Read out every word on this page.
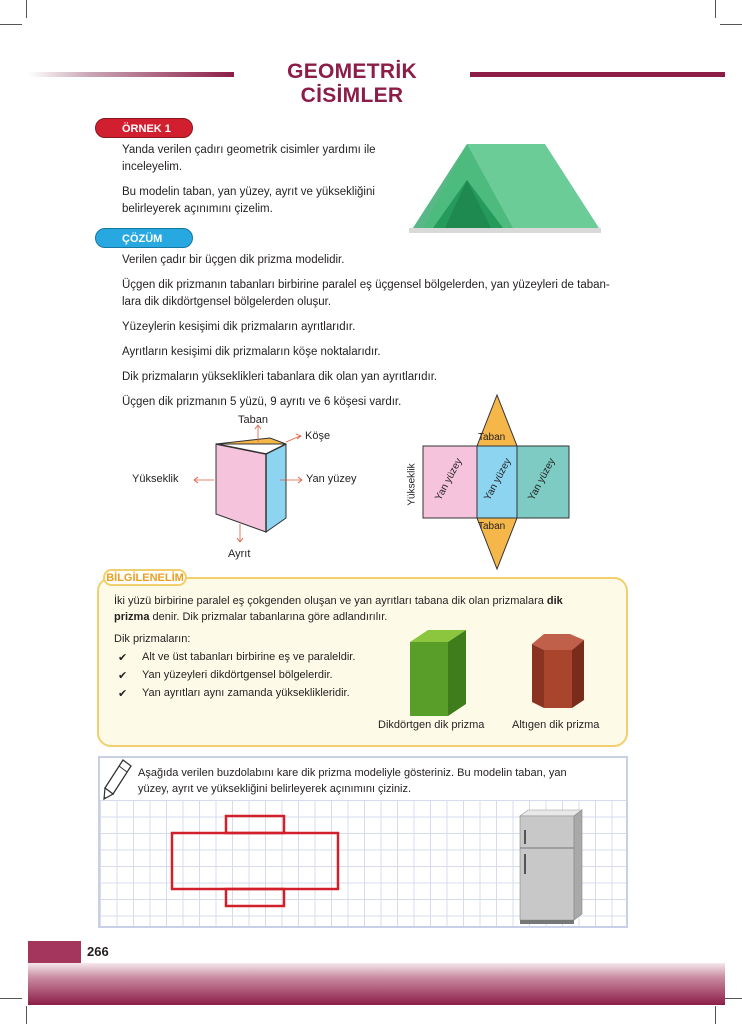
GEOMETRİK CİSİMLER
ÖRNEK 1
Yanda verilen çadırı geometrik cisimler yardımı ile
inceleyelim.
Bu modelin taban, yan yüzey, ayrıt ve yüksekliğini
belirleyerek açınımını çizelim.
ÇÖZÜM
Verilen çadır bir üçgen dik prizma modelidir.
Üçgen dik prizmanın tabanları birbirine paralel eş üçgensel bölgelerden, yan yüzeyleri de taban-
lara dik dikdörtgensel bölgelerden oluşur.
Yüzeylerin kesişimi dik prizmaların ayrıtlarıdır.
Ayrıtların kesişimi dik prizmaların köşe noktalarıdır.
Dik prizmaların yükseklikleri tabanlara dik olan yan ayrıtlarıdır.
Üçgen dik prizmanın 5 yüzü, 9 ayrıtı ve 6 köşesi vardır.
Taban
Köşe
Yükseklik	Yan yüzey
Ayrıt
Taban
Taban
Yükseklik Yan yüzey Yan yüzey Yan yüzey
BİLGİLENELİM
İki yüzü birbirine paralel eş çokgenden oluşan ve yan ayrıtları tabana dik olan prizmalara dik
prizma denir. Dik prizmalar tabanlarına göre adlandırılır.
Dik prizmaların:
✔ Alt ve üst tabanları birbirine eş ve paraleldir.
✔ Yan yüzeyleri dikdörtgensel bölgelerdir.
✔ Yan ayrıtları aynı zamanda yükseklikleridir.
Dikdörtgen dik prizma	Altıgen dik prizma
Aşağıda verilen buzdolabını kare dik prizma modeliyle gösteriniz. Bu modelin taban, yan
yüzey, ayrıt ve yüksekliğini belirleyerek açınımını çiziniz.
266
